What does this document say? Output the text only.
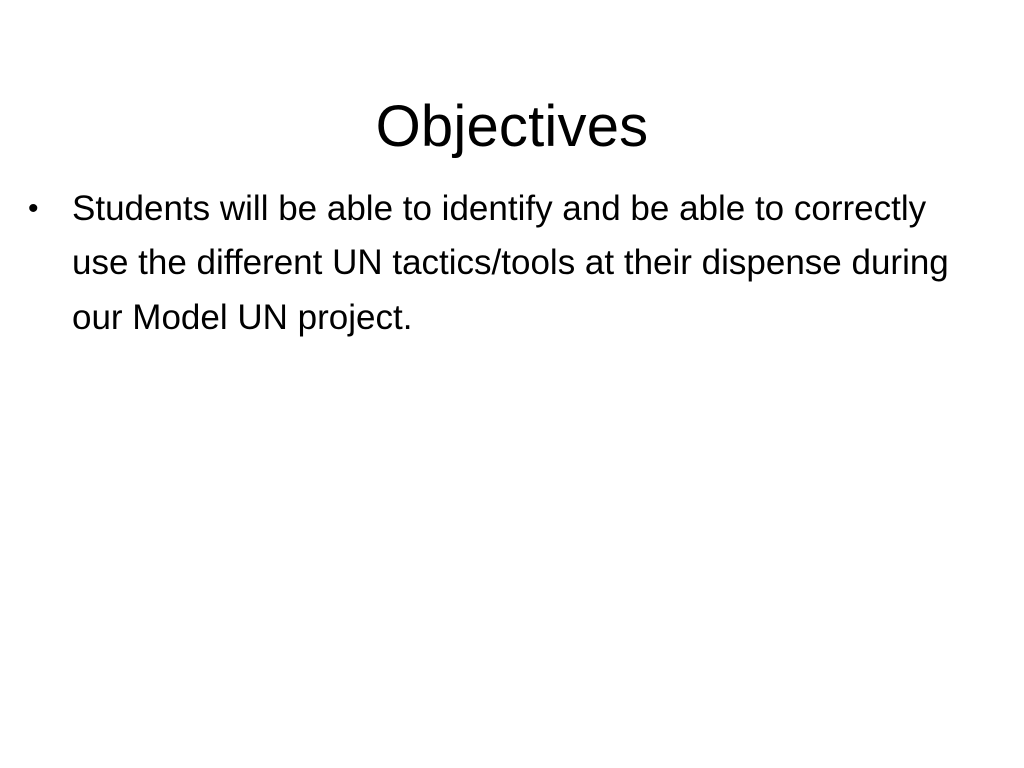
Objectives
• Students will be able to identify and be able to correctly use the different UN tactics/tools at their dispense during our Model UN project.
